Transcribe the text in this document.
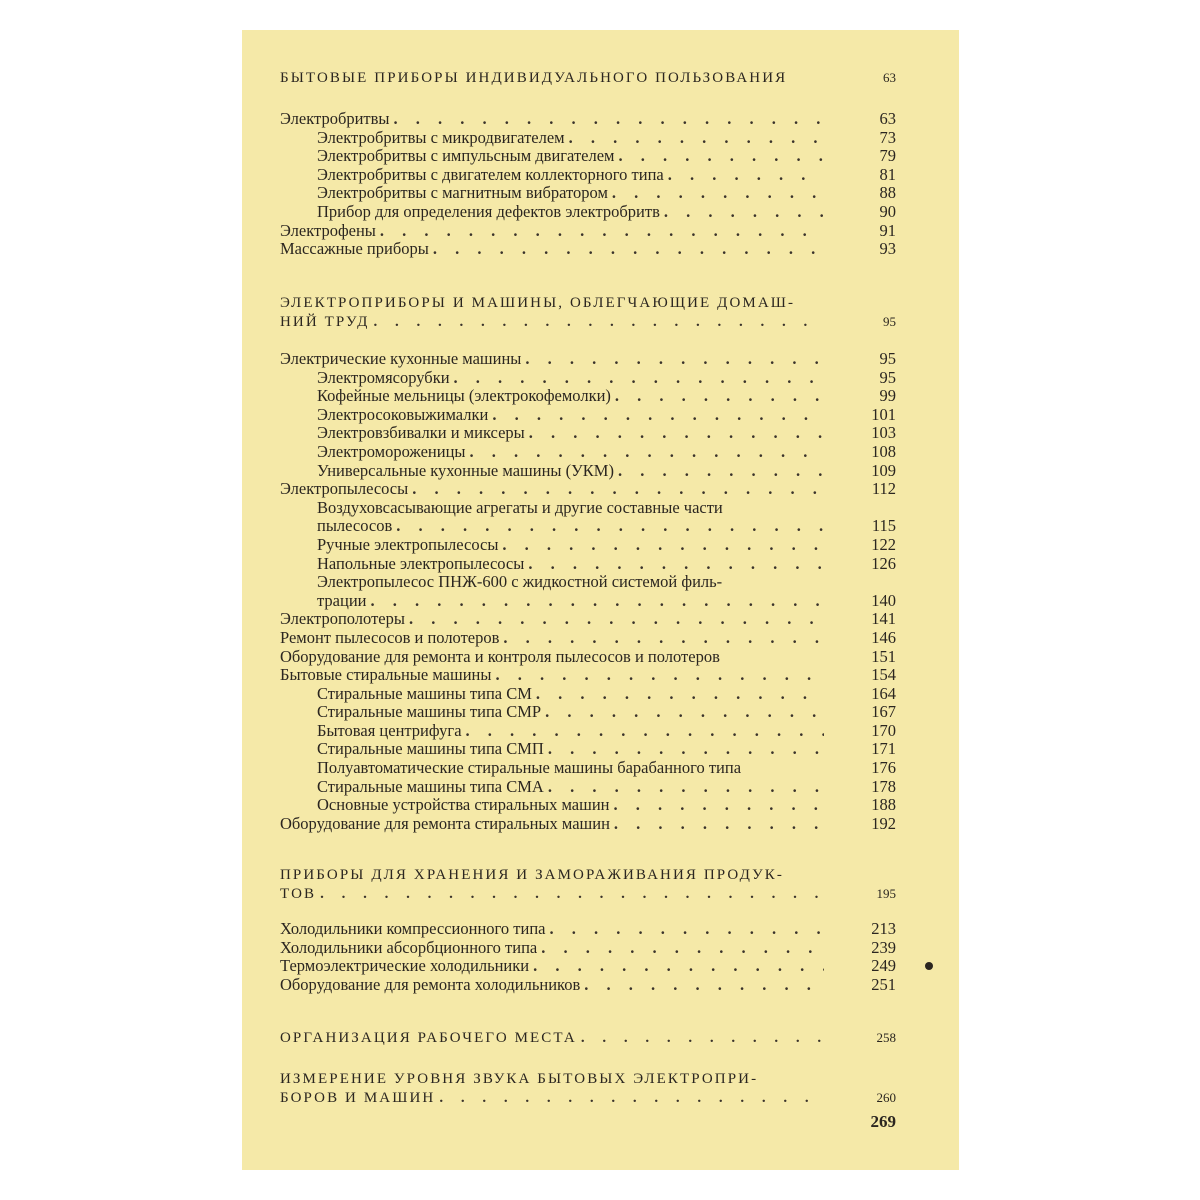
БЫТОВЫЕ ПРИБОРЫ ИНДИВИДУАЛЬНОГО ПОЛЬЗОВАНИЯ	63
Электробритвы . . .	63
Электробритвы с микродвигателем . . .	73
Электробритвы с импульсным двигателем . . .	79
Электробритвы с двигателем коллекторного типа . . .	81
Электробритвы с магнитным вибратором . . .	88
Прибор для определения дефектов электробритв . . .	90
Электрофены . . .	91
Массажные приборы . . .	93
ЭЛЕКТРОПРИБОРЫ И МАШИНЫ, ОБЛЕГЧАЮЩИЕ ДОМАШ-
НИЙ ТРУД . . .	95
Электрические кухонные машины . . .	95
Электромясорубки . . .	95
Кофейные мельницы (электрокофемолки) . . .	99
Электросоковыжималки . . .	101
Электровзбивалки и миксеры . . .	103
Электромороженицы . . .	108
Универсальные кухонные машины (УКМ) . . .	109
Электропылесосы . . .	112
Воздуховсасывающие агрегаты и другие составные части
пылесосов . . .	115
Ручные электропылесосы . . .	122
Напольные электропылесосы . . .	126
Электропылесос ПНЖ-600 с жидкостной системой филь-
трации . . .	140
Электрополотеры . . .	141
Ремонт пылесосов и полотеров . . .	146
Оборудование для ремонта и контроля пылесосов и полотеров	151
Бытовые стиральные машины . . .	154
Стиральные машины типа СМ . . .	164
Стиральные машины типа СМР . . .	167
Бытовая центрифуга . . .	170
Стиральные машины типа СМП . . .	171
Полуавтоматические стиральные машины барабанного типа	176
Стиральные машины типа СМА . . .	178
Основные устройства стиральных машин . . .	188
Оборудование для ремонта стиральных машин . . .	192
ПРИБОРЫ ДЛЯ ХРАНЕНИЯ И ЗАМОРАЖИВАНИЯ ПРОДУК-
ТОВ . . .	195
Холодильники компрессионного типа . . .	213
Холодильники абсорбционного типа . . .	239
Термоэлектрические холодильники . . .	249
Оборудование для ремонта холодильников . . .	251
ОРГАНИЗАЦИЯ РАБОЧЕГО МЕСТА . . .	258
ИЗМЕРЕНИЕ УРОВНЯ ЗВУКА БЫТОВЫХ ЭЛЕКТРОПРИ-
БОРОВ И МАШИН . . .	260
269
